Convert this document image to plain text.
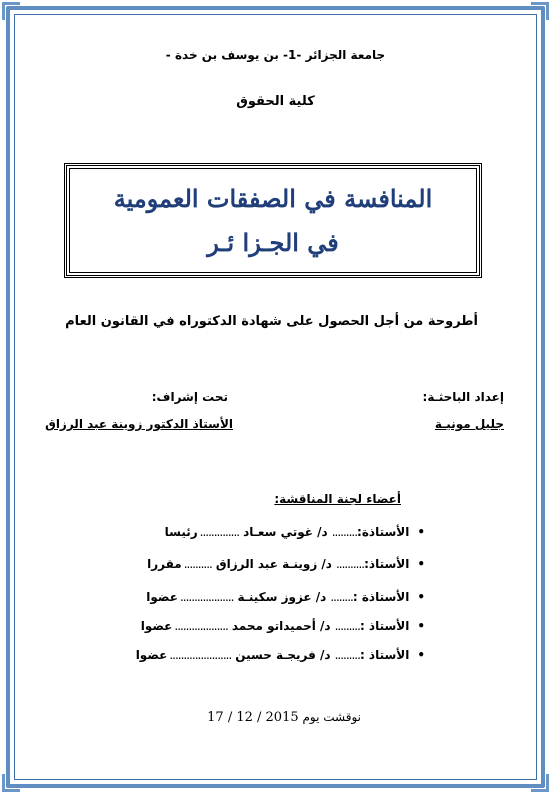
جامعة الجزائر -1- بن يوسف بن خدة -
كلية الحقوق
المنافسة في الصفقات العمومية
في الجـزا ئـر
أطروحة من أجل الحصول على شهادة الدكتوراه في القانون العام
إعداد الباحثـة:
جليل مونيـة
تحت إشراف:
الأستاذ الدكتور زوينة عبد الرزاق
أعضاء لجنة المناقشة:
•الأستاذة:.........د/ غوتي سعـاد..............رئيسا
•الأستاذ:..........د/ زوينـة عبد الرزاق..........مقررا
•الأستاذة :........د/ عزوز سكينـة...................عضوا
•الأستاذ :.........د/ أحميداتو محمد...................عضوا
•الأستاذ :.........د/ فريجـة حسين......................عضوا
نوقشت يوم 17 / 12 / 2015
